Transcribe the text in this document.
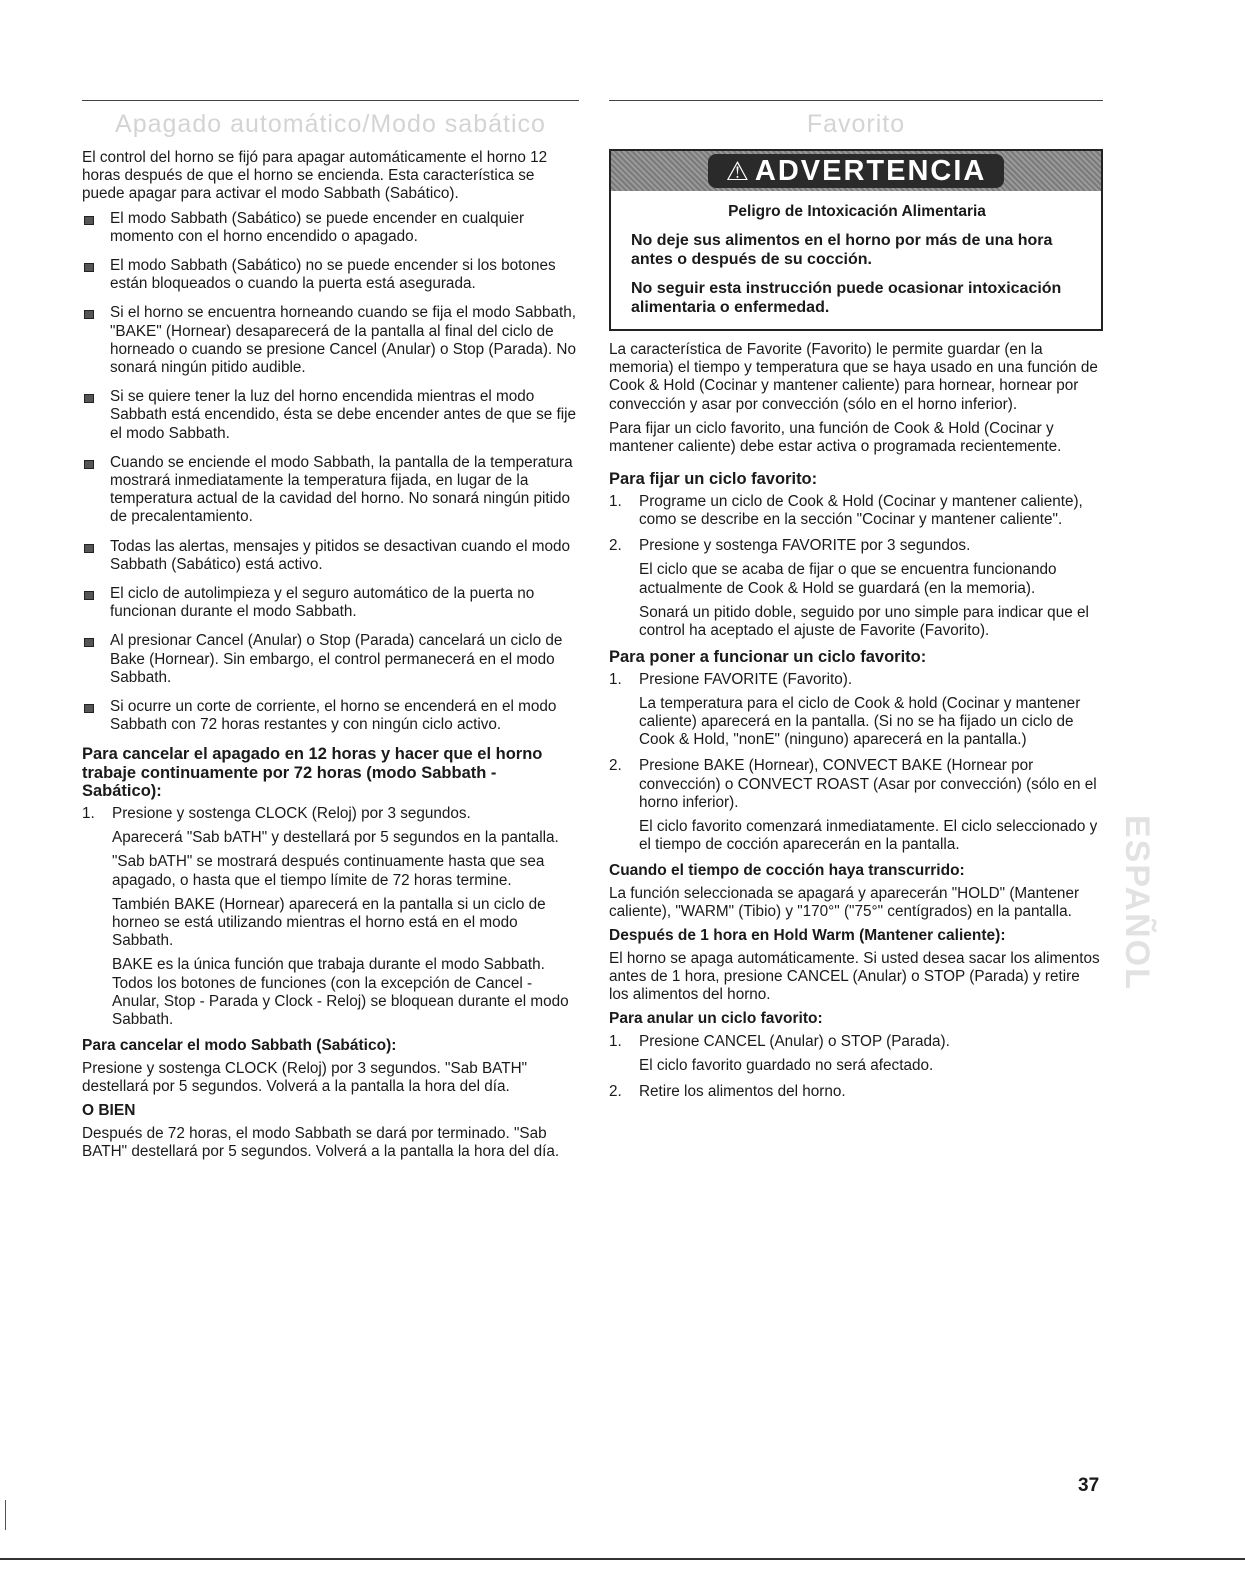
Apagado automático/Modo sabático

El control del horno se fijó para apagar automáticamente el horno 12 horas después de que el horno se encienda. Esta característica se puede apagar para activar el modo Sabbath (Sabático).

El modo Sabbath (Sabático) se puede encender en cualquier momento con el horno encendido o apagado.
El modo Sabbath (Sabático) no se puede encender si los botones están bloqueados o cuando la puerta está asegurada.
Si el horno se encuentra horneando cuando se fija el modo Sabbath, "BAKE" (Hornear) desaparecerá de la pantalla al final del ciclo de horneado o cuando se presione Cancel (Anular) o Stop (Parada). No sonará ningún pitido audible.
Si se quiere tener la luz del horno encendida mientras el modo Sabbath está encendido, ésta se debe encender antes de que se fije el modo Sabbath.
Cuando se enciende el modo Sabbath, la pantalla de la temperatura mostrará inmediatamente la temperatura fijada, en lugar de la temperatura actual de la cavidad del horno. No sonará ningún pitido de precalentamiento.
Todas las alertas, mensajes y pitidos se desactivan cuando el modo Sabbath (Sabático) está activo.
El ciclo de autolimpieza y el seguro automático de la puerta no funcionan durante el modo Sabbath.
Al presionar Cancel (Anular) o Stop (Parada) cancelará un ciclo de Bake (Hornear). Sin embargo, el control permanecerá en el modo Sabbath.
Si ocurre un corte de corriente, el horno se encenderá en el modo Sabbath con 72 horas restantes y con ningún ciclo activo.
Para cancelar el apagado en 12 horas y hacer que el horno trabaje continuamente por 72 horas (modo Sabbath - Sabático):
1. Presione y sostenga CLOCK (Reloj) por 3 segundos.

Aparecerá "Sab bATH" y destellará por 5 segundos en la pantalla.

"Sab bATH" se mostrará después continuamente hasta que sea apagado, o hasta que el tiempo límite de 72 horas termine.

También BAKE (Hornear) aparecerá en la pantalla si un ciclo de horneo se está utilizando mientras el horno está en el modo Sabbath.

BAKE es la única función que trabaja durante el modo Sabbath. Todos los botones de funciones (con la excepción de Cancel - Anular, Stop - Parada y Clock - Reloj) se bloquean durante el modo Sabbath.

Para cancelar el modo Sabbath (Sabático):

Presione y sostenga CLOCK (Reloj) por 3 segundos. "Sab BATH" destellará por 5 segundos. Volverá a la pantalla la hora del día.

O BIEN

Después de 72 horas, el modo Sabbath se dará por terminado. "Sab BATH" destellará por 5 segundos. Volverá a la pantalla la hora del día.

Favorito
⚠ ADVERTENCIA
Peligro de Intoxicación Alimentaria
No deje sus alimentos en el horno por más de una hora antes o después de su cocción.
No seguir esta instrucción puede ocasionar intoxicación alimentaria o enfermedad.

La característica de Favorite (Favorito) le permite guardar (en la memoria) el tiempo y temperatura que se haya usado en una función de Cook & Hold (Cocinar y mantener caliente) para hornear, hornear por convección y asar por convección (sólo en el horno inferior).

Para fijar un ciclo favorito, una función de Cook & Hold (Cocinar y mantener caliente) debe estar activa o programada recientemente.

Para fijar un ciclo favorito:
1. Programe un ciclo de Cook & Hold (Cocinar y mantener caliente), como se describe en la sección "Cocinar y mantener caliente".

2. Presione y sostenga FAVORITE por 3 segundos.

El ciclo que se acaba de fijar o que se encuentra funcionando actualmente de Cook & Hold se guardará (en la memoria).

Sonará un pitido doble, seguido por uno simple para indicar que el control ha aceptado el ajuste de Favorite (Favorito).

Para poner a funcionar un ciclo favorito:
1. Presione FAVORITE (Favorito).

La temperatura para el ciclo de Cook & hold (Cocinar y mantener caliente) aparecerá en la pantalla. (Si no se ha fijado un ciclo de Cook & Hold, "nonE" (ninguno) aparecerá en la pantalla.)

2. Presione BAKE (Hornear), CONVECT BAKE (Hornear por convección) o CONVECT ROAST (Asar por convección) (sólo en el horno inferior).

El ciclo favorito comenzará inmediatamente. El ciclo seleccionado y el tiempo de cocción aparecerán en la pantalla.

Cuando el tiempo de cocción haya transcurrido:

La función seleccionada se apagará y aparecerán "HOLD" (Mantener caliente), "WARM" (Tibio) y "170°" ("75°" centígrados) en la pantalla.

Después de 1 hora en Hold Warm (Mantener caliente):

El horno se apaga automáticamente. Si usted desea sacar los alimentos antes de 1 hora, presione CANCEL (Anular) o STOP (Parada) y retire los alimentos del horno.

Para anular un ciclo favorito:
1. Presione CANCEL (Anular) o STOP (Parada).

El ciclo favorito guardado no será afectado.

2. Retire los alimentos del horno.

ESPAÑOL
37
